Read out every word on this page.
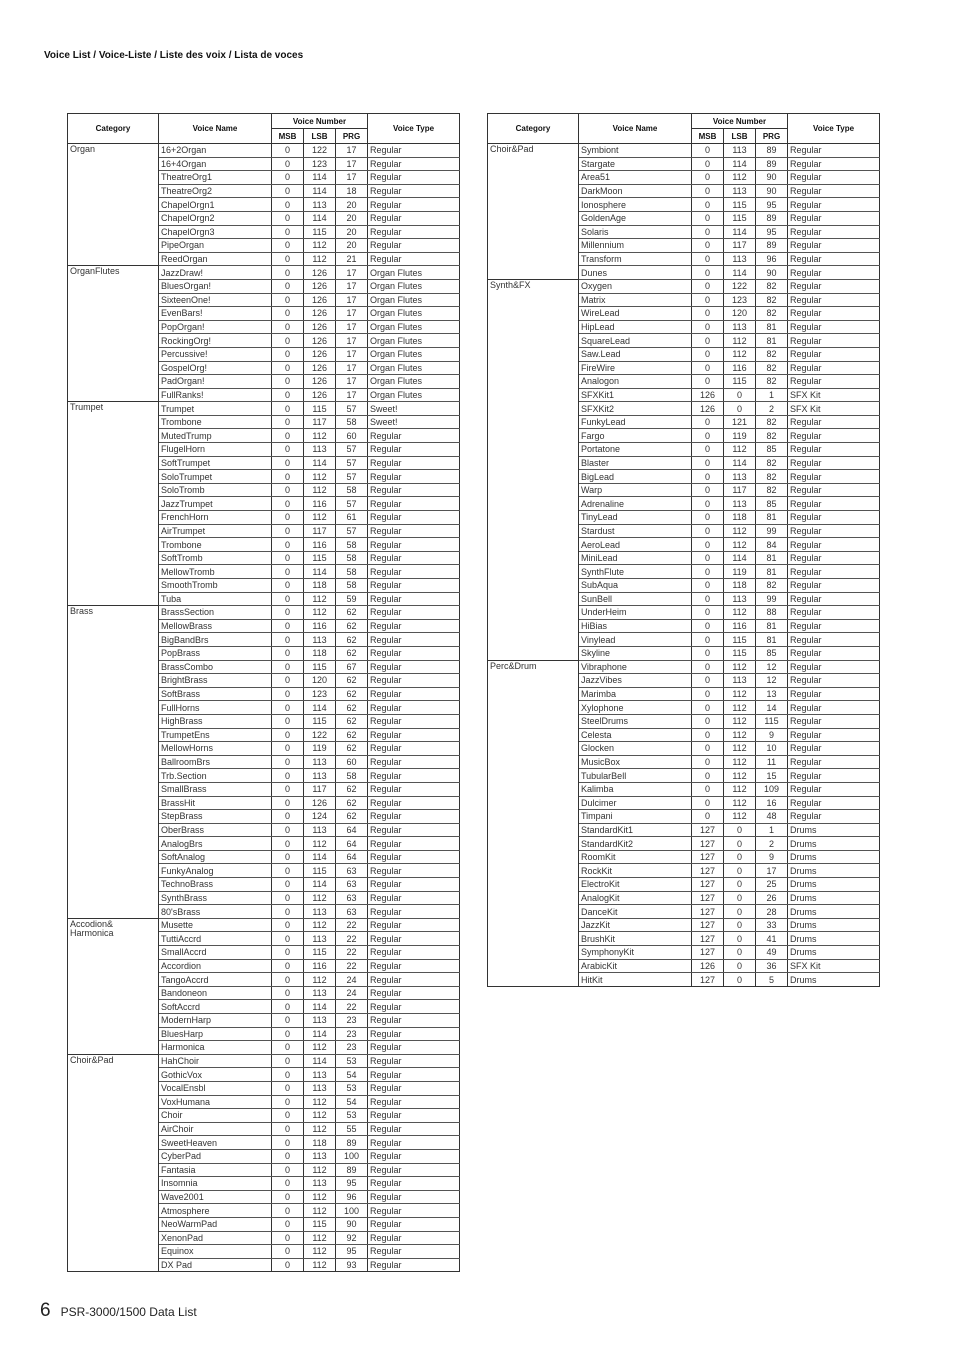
Voice List / Voice-Liste / Liste des voix / Lista de voces
Category	Voice Name	Voice Number			Voice Type
		MSB	LSB	PRG	
Organ	16+2Organ	0	122	17	Regular
	16+4Organ	0	123	17	Regular
	TheatreOrg1	0	114	17	Regular
	TheatreOrg2	0	114	18	Regular
	ChapelOrgn1	0	113	20	Regular
	ChapelOrgn2	0	114	20	Regular
	ChapelOrgn3	0	115	20	Regular
	PipeOrgan	0	112	20	Regular
	ReedOrgan	0	112	21	Regular
OrganFlutes	JazzDraw!	0	126	17	Organ Flutes
	BluesOrgan!	0	126	17	Organ Flutes
	SixteenOne!	0	126	17	Organ Flutes
	EvenBars!	0	126	17	Organ Flutes
	PopOrgan!	0	126	17	Organ Flutes
	RockingOrg!	0	126	17	Organ Flutes
	Percussive!	0	126	17	Organ Flutes
	GospelOrg!	0	126	17	Organ Flutes
	PadOrgan!	0	126	17	Organ Flutes
	FullRanks!	0	126	17	Organ Flutes
Trumpet	Trumpet	0	115	57	Sweet!
	Trombone	0	117	58	Sweet!
	MutedTrump	0	112	60	Regular
	FlugelHorn	0	113	57	Regular
	SoftTrumpet	0	114	57	Regular
	SoloTrumpet	0	112	57	Regular
	SoloTromb	0	112	58	Regular
	JazzTrumpet	0	116	57	Regular
	FrenchHorn	0	112	61	Regular
	AirTrumpet	0	117	57	Regular
	Trombone	0	116	58	Regular
	SoftTromb	0	115	58	Regular
	MellowTromb	0	114	58	Regular
	SmoothTromb	0	118	58	Regular
	Tuba	0	112	59	Regular
Brass	BrassSection	0	112	62	Regular
	MellowBrass	0	116	62	Regular
	BigBandBrs	0	113	62	Regular
	PopBrass	0	118	62	Regular
	BrassCombo	0	115	67	Regular
	BrightBrass	0	120	62	Regular
	SoftBrass	0	123	62	Regular
	FullHorns	0	114	62	Regular
	HighBrass	0	115	62	Regular
	TrumpetEns	0	122	62	Regular
	MellowHorns	0	119	62	Regular
	BallroomBrs	0	113	60	Regular
	Trb.Section	0	113	58	Regular
	SmallBrass	0	117	62	Regular
	BrassHit	0	126	62	Regular
	StepBrass	0	124	62	Regular
	OberBrass	0	113	64	Regular
	AnalogBrs	0	112	64	Regular
	SoftAnalog	0	114	64	Regular
	FunkyAnalog	0	115	63	Regular
	TechnoBrass	0	114	63	Regular
	SynthBrass	0	112	63	Regular
	80'sBrass	0	113	63	Regular
Accodion& Harmonica	Musette	0	112	22	Regular
	TuttiAccrd	0	113	22	Regular
	SmallAccrd	0	115	22	Regular
	Accordion	0	116	22	Regular
	TangoAccrd	0	112	24	Regular
	Bandoneon	0	113	24	Regular
	SoftAccrd	0	114	22	Regular
	ModernHarp	0	113	23	Regular
	BluesHarp	0	114	23	Regular
	Harmonica	0	112	23	Regular
Choir&Pad	HahChoir	0	114	53	Regular
	GothicVox	0	113	54	Regular
	VocalEnsbl	0	113	53	Regular
	VoxHumana	0	112	54	Regular
	Choir	0	112	53	Regular
	AirChoir	0	112	55	Regular
	SweetHeaven	0	118	89	Regular
	CyberPad	0	113	100	Regular
	Fantasia	0	112	89	Regular
	Insomnia	0	113	95	Regular
	Wave2001	0	112	96	Regular
	Atmosphere	0	112	100	Regular
	NeoWarmPad	0	115	90	Regular
	XenonPad	0	112	92	Regular
	Equinox	0	112	95	Regular
	DX Pad	0	112	93	Regular
Category	Voice Name	Voice Number			Voice Type
		MSB	LSB	PRG	
Choir&Pad	Symbiont	0	113	89	Regular
	Stargate	0	114	89	Regular
	Area51	0	112	90	Regular
	DarkMoon	0	113	90	Regular
	Ionosphere	0	115	95	Regular
	GoldenAge	0	115	89	Regular
	Solaris	0	114	95	Regular
	Millennium	0	117	89	Regular
	Transform	0	113	96	Regular
	Dunes	0	114	90	Regular
Synth&FX	Oxygen	0	122	82	Regular
	Matrix	0	123	82	Regular
	WireLead	0	120	82	Regular
	HipLead	0	113	81	Regular
	SquareLead	0	112	81	Regular
	Saw.Lead	0	112	82	Regular
	FireWire	0	116	82	Regular
	Analogon	0	115	82	Regular
	SFXKit1	126	0	1	SFX Kit
	SFXKit2	126	0	2	SFX Kit
	FunkyLead	0	121	82	Regular
	Fargo	0	119	82	Regular
	Portatone	0	112	85	Regular
	Blaster	0	114	82	Regular
	BigLead	0	113	82	Regular
	Warp	0	117	82	Regular
	Adrenaline	0	113	85	Regular
	TinyLead	0	118	81	Regular
	Stardust	0	112	99	Regular
	AeroLead	0	112	84	Regular
	MiniLead	0	114	81	Regular
	SynthFlute	0	119	81	Regular
	SubAqua	0	118	82	Regular
	SunBell	0	113	99	Regular
	UnderHeim	0	112	88	Regular
	HiBias	0	116	81	Regular
	Vinylead	0	115	81	Regular
	Skyline	0	115	85	Regular
Perc&Drum	Vibraphone	0	112	12	Regular
	JazzVibes	0	113	12	Regular
	Marimba	0	112	13	Regular
	Xylophone	0	112	14	Regular
	SteelDrums	0	112	115	Regular
	Celesta	0	112	9	Regular
	Glocken	0	112	10	Regular
	MusicBox	0	112	11	Regular
	TubularBell	0	112	15	Regular
	Kalimba	0	112	109	Regular
	Dulcimer	0	112	16	Regular
	Timpani	0	112	48	Regular
	StandardKit1	127	0	1	Drums
	StandardKit2	127	0	2	Drums
	RoomKit	127	0	9	Drums
	RockKit	127	0	17	Drums
	ElectroKit	127	0	25	Drums
	AnalogKit	127	0	26	Drums
	DanceKit	127	0	28	Drums
	JazzKit	127	0	33	Drums
	BrushKit	127	0	41	Drums
	SymphonyKit	127	0	49	Drums
	ArabicKit	126	0	36	SFX Kit
	HitKit	127	0	5	Drums
6 PSR-3000/1500 Data List
